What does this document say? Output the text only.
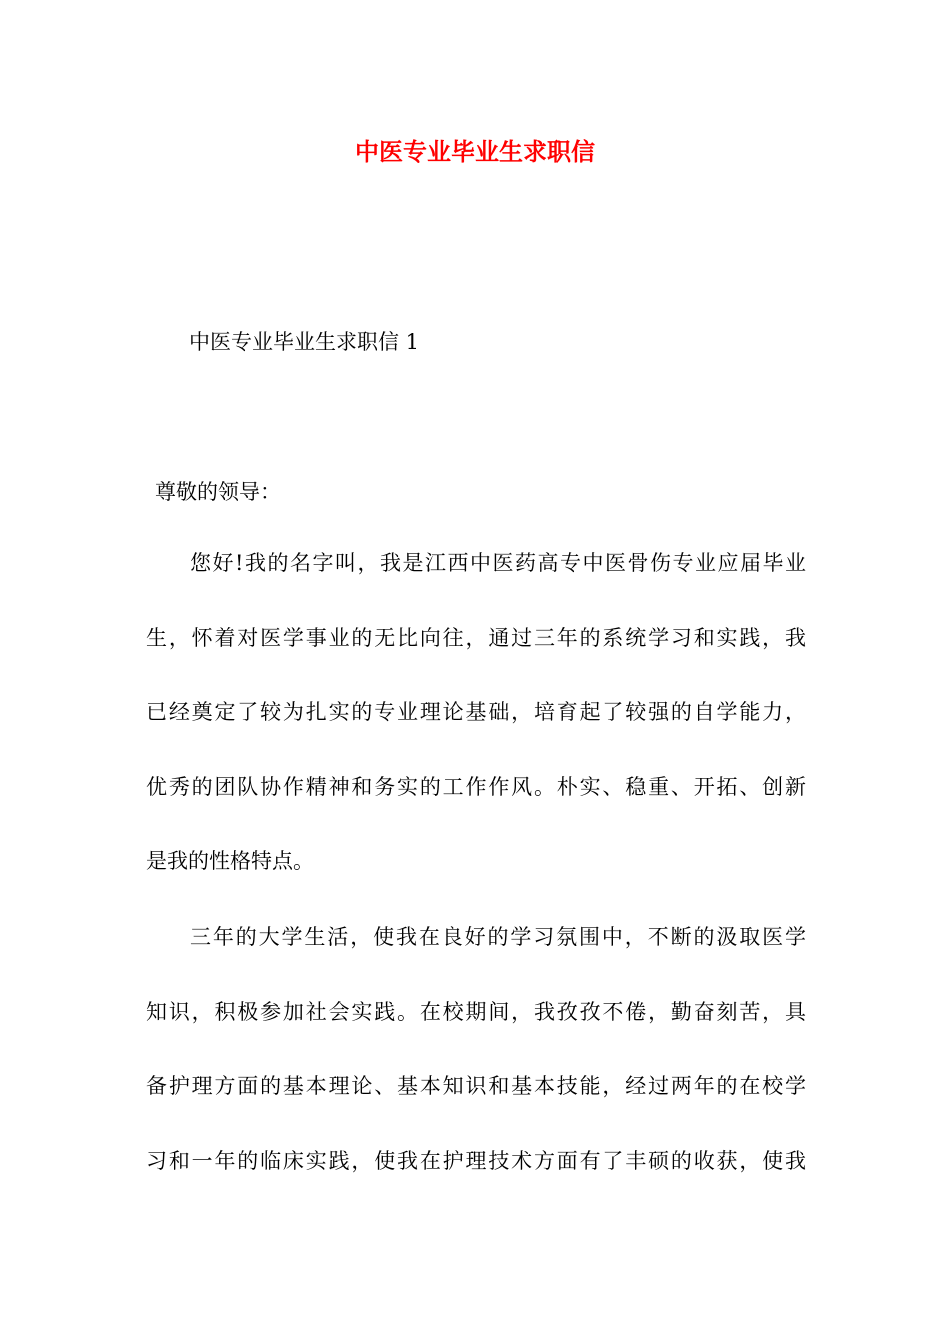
中医专业毕业生求职信

中医专业毕业生求职信 1

尊敬的领导：

您好!我的名字叫，我是江西中医药高专中医骨伤专业应届毕业
生，怀着对医学事业的无比向往，通过三年的系统学习和实践，我
已经奠定了较为扎实的专业理论基础，培育起了较强的自学能力，
优秀的团队协作精神和务实的工作作风。朴实、稳重、开拓、创新
是我的性格特点。
三年的大学生活，使我在良好的学习氛围中，不断的汲取医学
知识，积极参加社会实践。在校期间，我孜孜不倦，勤奋刻苦，具
备护理方面的基本理论、基本知识和基本技能，经过两年的在校学
习和一年的临床实践，使我在护理技术方面有了丰硕的收获，使我
